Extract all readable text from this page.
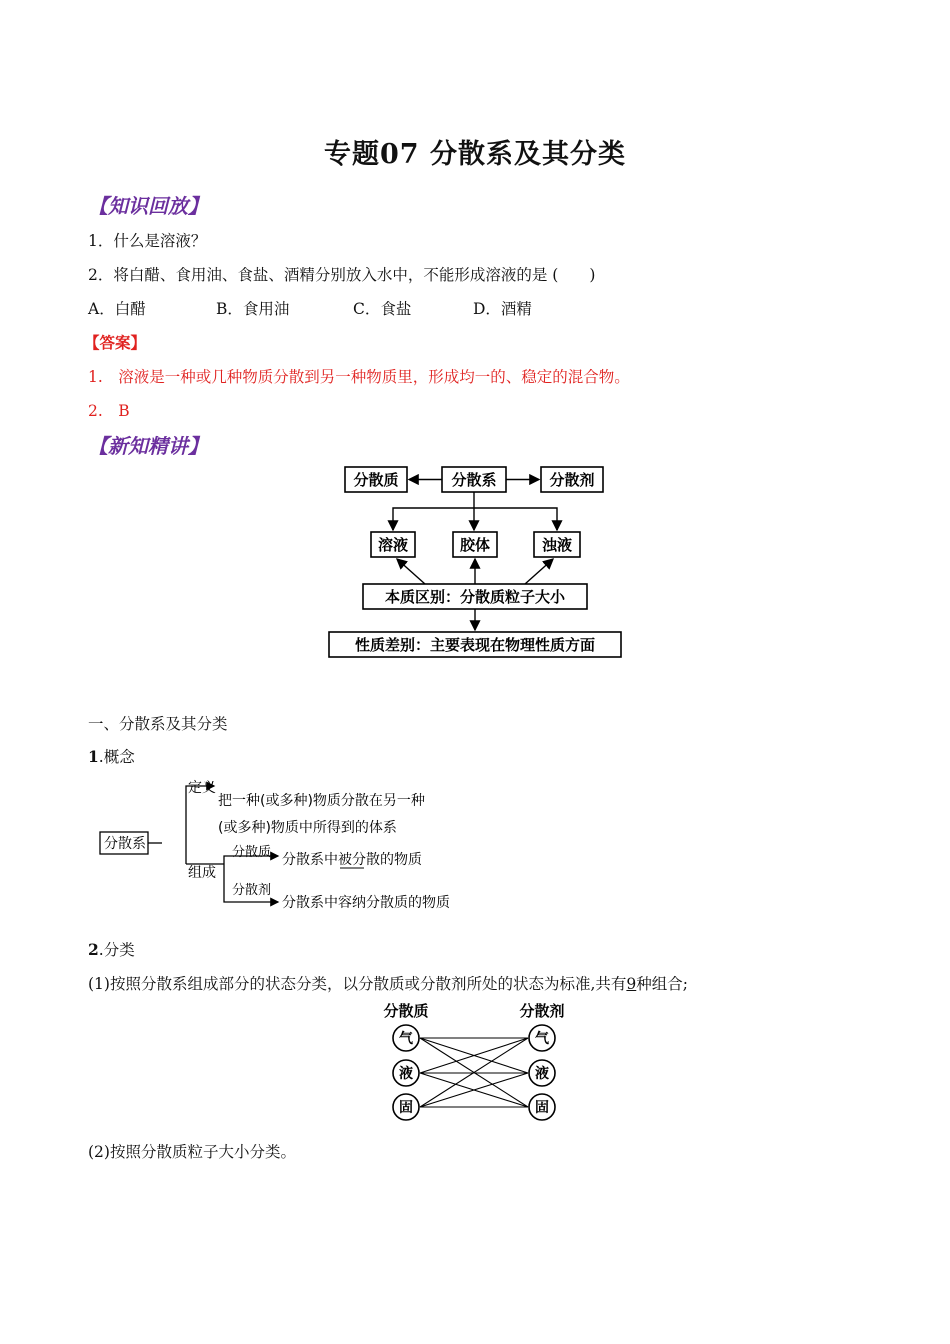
专题07 分散系及其分类
【知识回放】
1．什么是溶液？
2．将白醋、食用油、食盐、酒精分别放入水中，不能形成溶液的是 (　　)
A．白醋	B．食用油	C．食盐	D．酒精
【答案】
1.　溶液是一种或几种物质分散到另一种物质里，形成均一的、稳定的混合物。
2.　B
【新知精讲】
分散质	分散系	分散剂
溶液	胶体	浊液
本质区别：分散质粒子大小
性质差别：主要表现在物理性质方面
一、分散系及其分类
1.概念
分散系
定义
把一种(或多种)物质分散在另一种
(或多种)物质中所得到的体系
组成
分散质 分散系中被分散的物质
分散剂
分散系中容纳分散质的物质
2.分类
(1)按照分散系组成部分的状态分类，以分散质或分散剂所处的状态为标准,共有9种组合;
分散质	分散剂
气
液
固
气
液
固
(2)按照分散质粒子大小分类。
